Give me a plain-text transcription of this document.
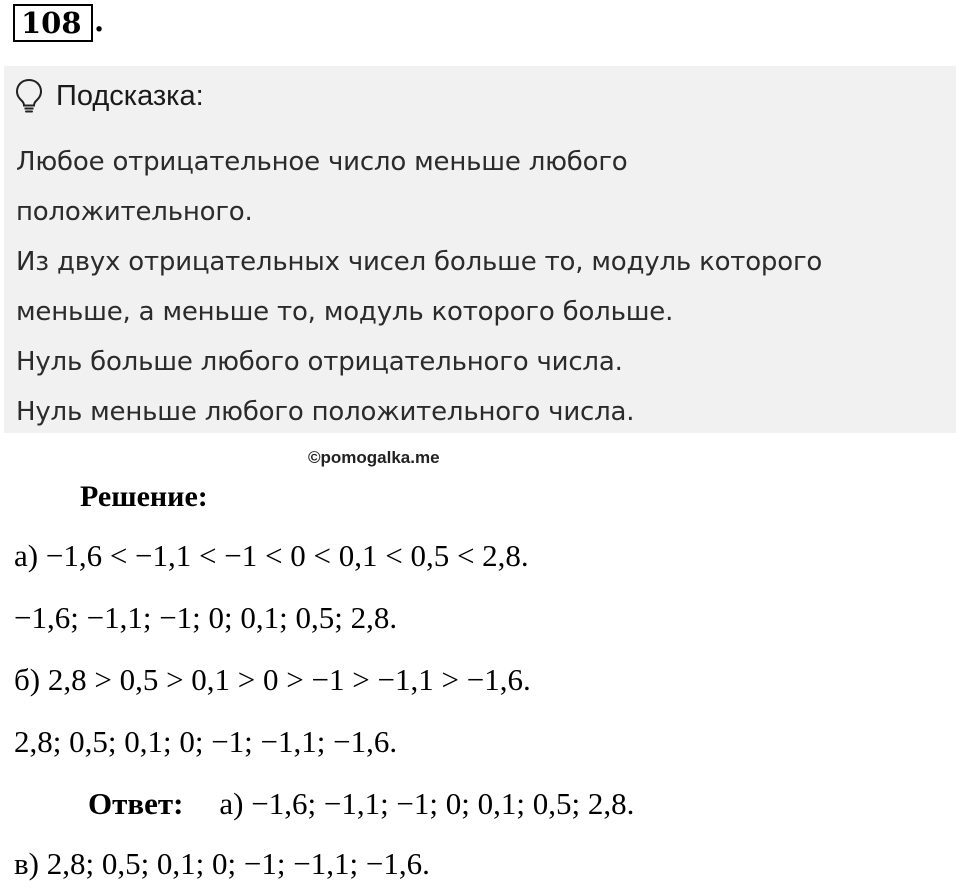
108 .
Подсказка:
Любое отрицательное число меньше любого
положительного.
Из двух отрицательных чисел больше то, модуль которого
меньше, а меньше то, модуль которого больше.
Нуль больше любого отрицательного числа.
Нуль меньше любого положительного числа.
©pomogalka.me
Решение:
а) −1,6 < −1,1 < −1 < 0 < 0,1 < 0,5 < 2,8.
−1,6; −1,1; −1; 0; 0,1; 0,5; 2,8.
б) 2,8 > 0,5 > 0,1 > 0 > −1 > −1,1 > −1,6.
2,8; 0,5; 0,1; 0; −1; −1,1; −1,6.
Ответ: а) −1,6; −1,1; −1; 0; 0,1; 0,5; 2,8.
в) 2,8; 0,5; 0,1; 0; −1; −1,1; −1,6.
